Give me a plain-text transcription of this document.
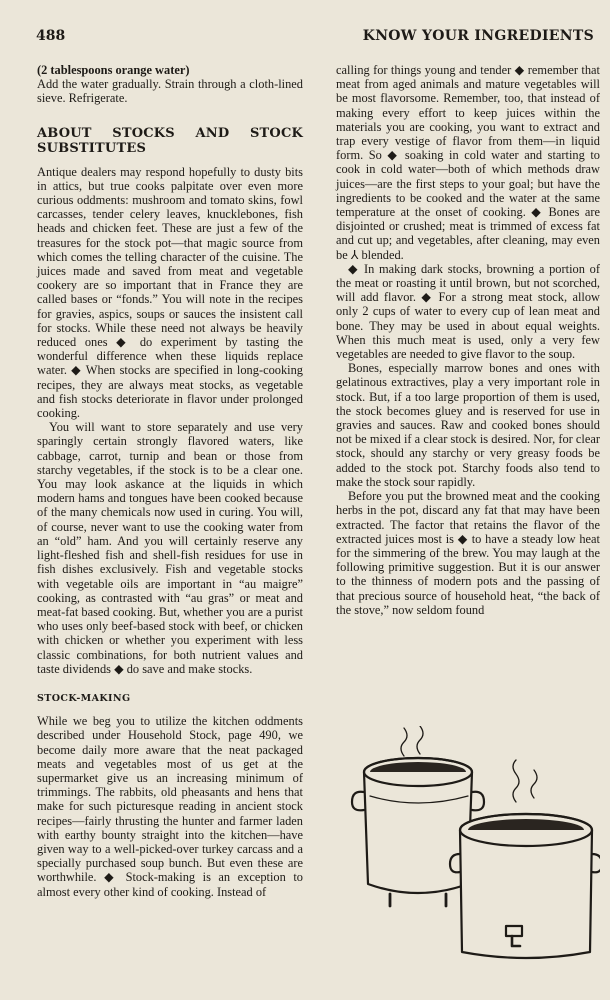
488	KNOW YOUR INGREDIENTS

(2 tablespoons orange water)

Add the water gradually. Strain through a cloth-lined sieve. Refrigerate.

ABOUT STOCKS AND STOCK SUBSTITUTES

Antique dealers may respond hopefully to dusty bits in attics, but true cooks palpitate over even more curious oddments: mushroom and tomato skins, fowl carcasses, tender celery leaves, knucklebones, fish heads and chicken feet. These are just a few of the treasures for the stock pot—that magic source from which comes the telling character of the cuisine. The juices made and saved from meat and vegetable cookery are so important that in France they are called bases or “fonds.” You will note in the recipes for gravies, aspics, soups or sauces the insistent call for stocks. While these need not always be heavily reduced ones ◆ do experiment by tasting the wonderful difference when these liquids replace water. ◆ When stocks are specified in long-cooking recipes, they are always meat stocks, as vegetable and fish stocks deteriorate in flavor under prolonged cooking.

You will want to store separately and use very sparingly certain strongly flavored waters, like cabbage, carrot, turnip and bean or those from starchy vegetables, if the stock is to be a clear one. You may look askance at the liquids in which modern hams and tongues have been cooked because of the many chemicals now used in curing. You will, of course, never want to use the cooking water from an “old” ham. And you will certainly reserve any light-fleshed fish and shell-fish residues for use in fish dishes exclusively. Fish and vegetable stocks with vegetable oils are important in “au maigre” cooking, as contrasted with “au gras” or meat and meat-fat based cooking. But, whether you are a purist who uses only beef-based stock with beef, or chicken with chicken or whether you experiment with less classic combinations, for both nutrient values and taste dividends ◆ do save and make stocks.

STOCK-MAKING

While we beg you to utilize the kitchen oddments described under Household Stock, page 490, we become daily more aware that the neat packaged meats and vegetables most of us get at the supermarket give us an increasing minimum of trimmings. The rabbits, old pheasants and hens that make for such picturesque reading in ancient stock recipes—fairly thrusting the hunter and farmer laden with earthy bounty straight into the kitchen—have given way to a well-picked-over turkey carcass and a specially purchased soup bunch. But even these are worthwhile. ◆ Stock-making is an exception to almost every other kind of cooking. Instead of

calling for things young and tender ◆ remember that meat from aged animals and mature vegetables will be most flavorsome. Remember, too, that instead of making every effort to keep juices within the materials you are cooking, you want to extract and trap every vestige of flavor from them—in liquid form. So ◆ soaking in cold water and starting to cook in cold water—both of which methods draw juices—are the first steps to your goal; but have the ingredients to be cooked and the water at the same temperature at the onset of cooking. ◆ Bones are disjointed or crushed; meat is trimmed of excess fat and cut up; and vegetables, after cleaning, may even be ⅄ blended.

◆ In making dark stocks, browning a portion of the meat or roasting it until brown, but not scorched, will add flavor. ◆ For a strong meat stock, allow only 2 cups of water to every cup of lean meat and bone. They may be used in about equal weights. When this much meat is used, only a very few vegetables are needed to give flavor to the soup.

Bones, especially marrow bones and ones with gelatinous extractives, play a very important role in stock. But, if a too large proportion of them is used, the stock becomes gluey and is reserved for use in gravies and sauces. Raw and cooked bones should not be mixed if a clear stock is desired. Nor, for clear stock, should any starchy or very greasy foods be added to the stock pot. Starchy foods also tend to make the stock sour rapidly.

Before you put the browned meat and the cooking herbs in the pot, discard any fat that may have been extracted. The factor that retains the flavor of the extracted juices most is ◆ to have a steady low heat for the simmering of the brew. You may laugh at the following primitive suggestion. But it is our answer to the thinness of modern pots and the passing of that precious source of household heat, “the back of the stove,” now seldom found
